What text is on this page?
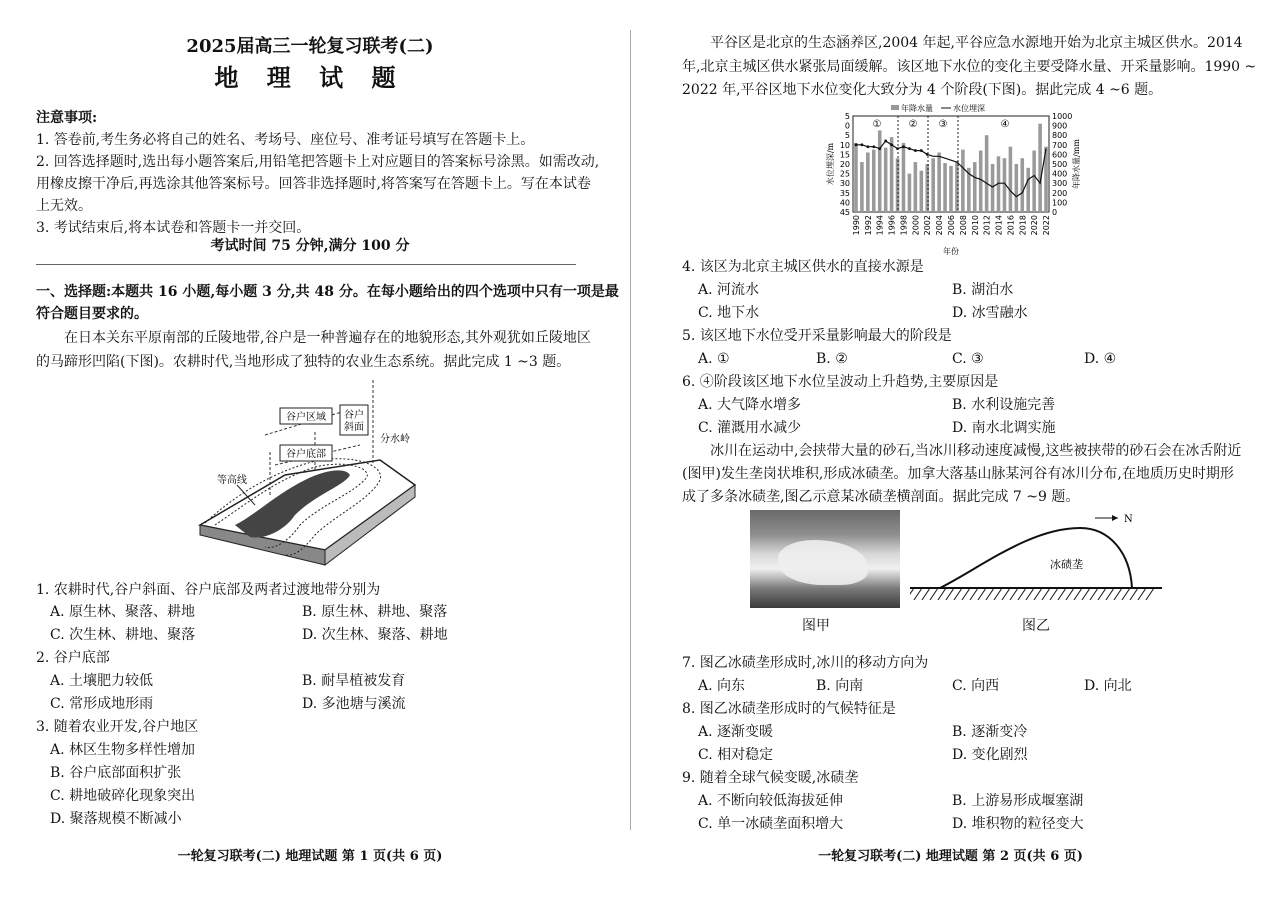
2025届高三一轮复习联考(二)
地 理 试 题
注意事项:
1. 答卷前,考生务必将自己的姓名、考场号、座位号、准考证号填写在答题卡上。
2. 回答选择题时,选出每小题答案后,用铅笔把答题卡上对应题目的答案标号涂黑。如需改动,
用橡皮擦干净后,再选涂其他答案标号。回答非选择题时,将答案写在答题卡上。写在本试卷
上无效。
3. 考试结束后,将本试卷和答题卡一并交回。
考试时间 75 分钟,满分 100 分
一、选择题:本题共 16 小题,每小题 3 分,共 48 分。在每小题给出的四个选项中只有一项是最
符合题目要求的。
在日本关东平原南部的丘陵地带,谷户是一种普遍存在的地貌形态,其外观犹如丘陵地区
的马蹄形凹陷(下图)。农耕时代,当地形成了独特的农业生态系统。据此完成 1 ~3 题。
谷户区域 谷户斜面
谷户底部
分水岭
等高线
1. 农耕时代,谷户斜面、谷户底部及两者过渡地带分别为
A. 原生林、聚落、耕地	B. 原生林、耕地、聚落
C. 次生林、耕地、聚落	D. 次生林、聚落、耕地
2. 谷户底部
A. 土壤肥力较低	B. 耐旱植被发育
C. 常形成地形雨	D. 多池塘与溪流
3. 随着农业开发,谷户地区
A. 林区生物多样性增加
B. 谷户底部面积扩张
C. 耕地破碎化现象突出
D. 聚落规模不断减小
一轮复习联考(二) 地理试题 第 1 页(共 6 页)
平谷区是北京的生态涵养区,2004 年起,平谷应急水源地开始为北京主城区供水。2014
年,北京主城区供水紧张局面缓解。该区地下水位的变化主要受降水量、开采量影响。1990 ~
2022 年,平谷区地下水位变化大致分为 4 个阶段(下图)。据此完成 4 ~6 题。
5
0
5
10
15
20
25
30
35
40
45
1000
900
800
700
600
500
400
300
200
100
0
1990 1992 1994 1996 1998 2000 2002 2004 2006 2008 2010 2012 2014 2016 2018 2020 2022
①	② ③	④
年降水量	水位埋深
水位埋深/m	年降水量/mm
年份
4. 该区为北京主城区供水的直接水源是
A. 河流水	B. 湖泊水
C. 地下水	D. 冰雪融水
5. 该区地下水位受开采量影响最大的阶段是
A. ①	B. ②	C. ③	D. ④
6. ④阶段该区地下水位呈波动上升趋势,主要原因是
A. 大气降水增多	B. 水利设施完善
C. 灌溉用水减少	D. 南水北调实施
冰川在运动中,会挟带大量的砂石,当冰川移动速度减慢,这些被挟带的砂石会在冰舌附近
(图甲)发生垄岗状堆积,形成冰碛垄。加拿大落基山脉某河谷有冰川分布,在地质历史时期形
成了多条冰碛垄,图乙示意某冰碛垄横剖面。据此完成 7 ~9 题。
图甲
N
冰碛垄
图乙
7. 图乙冰碛垄形成时,冰川的移动方向为
A. 向东	B. 向南	C. 向西	D. 向北
8. 图乙冰碛垄形成时的气候特征是
A. 逐渐变暖	B. 逐渐变冷
C. 相对稳定	D. 变化剧烈
9. 随着全球气候变暖,冰碛垄
A. 不断向较低海拔延伸	B. 上游易形成堰塞湖
C. 单一冰碛垄面积增大	D. 堆积物的粒径变大
一轮复习联考(二) 地理试题 第 2 页(共 6 页)
